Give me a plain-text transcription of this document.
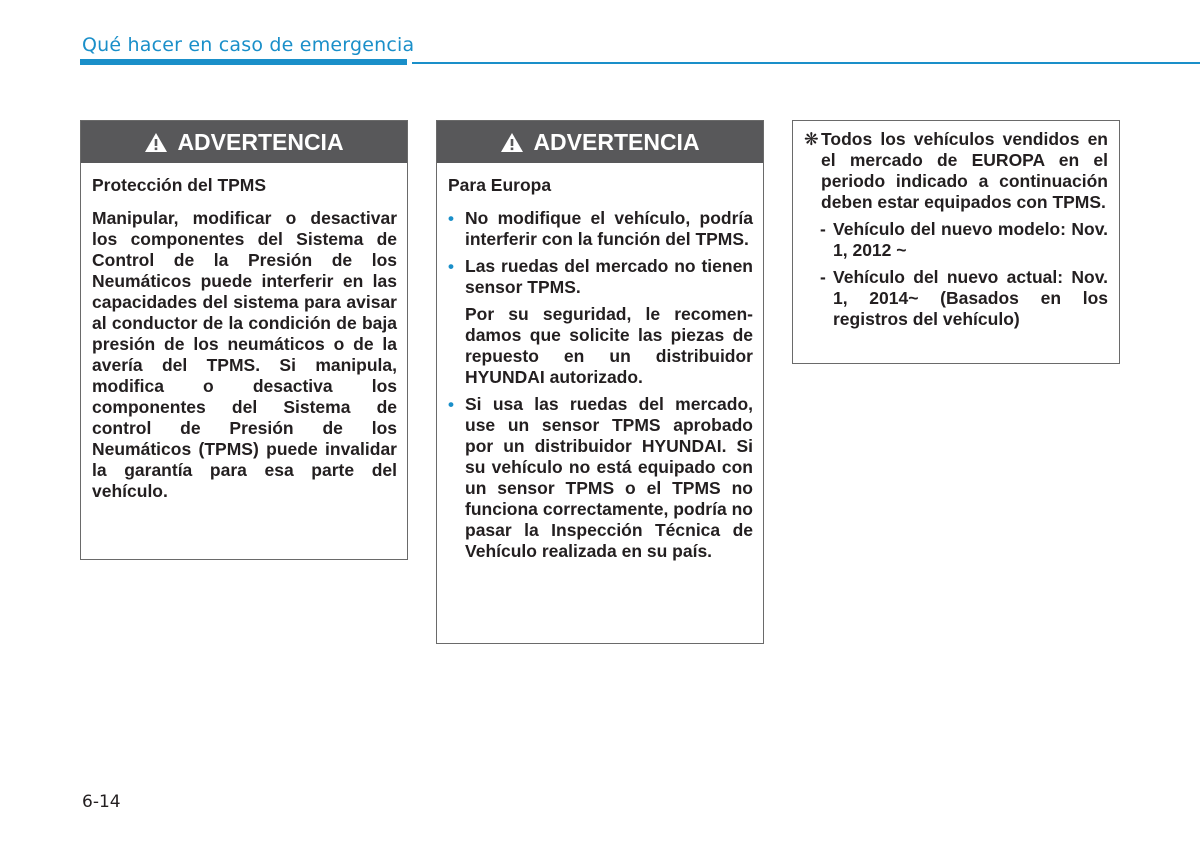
Qué hacer en caso de emergencia
ADVERTENCIA

Protección del TPMS

Manipular, modificar o desactivar los componentes del Sistema de Control de la Presión de los Neumáticos puede interferir en las capacidades del sistema para avisar al conductor de la condición de baja presión de los neumáticos o de la avería del TPMS. Si manipula, modifica o desactiva los componentes del Sistema de control de Presión de los Neumáticos (TPMS) puede invalidar la garantía para esa parte del vehículo.

ADVERTENCIA

Para Europa

• No modifique el vehículo, podría interferir con la función del TPMS.

• Las ruedas del mercado no tienen sensor TPMS.

Por su seguridad, le recomen-damos que solicite las piezas de repuesto en un distribuidor HYUNDAI autorizado.

• Si usa las ruedas del mercado, use un sensor TPMS aprobado por un distribuidor HYUNDAI. Si su vehículo no está equipado con un sensor TPMS o el TPMS no funciona correctamente, podría no pasar la Inspección Técnica de Vehículo realizada en su país.

❋ Todos los vehículos vendidos en el mercado de EUROPA en el periodo indicado a continuación deben estar equipados con TPMS.

- Vehículo del nuevo modelo: Nov. 1, 2012 ~
- Vehículo del nuevo actual: Nov. 1, 2014~ (Basados en los registros del vehículo)
6-14
